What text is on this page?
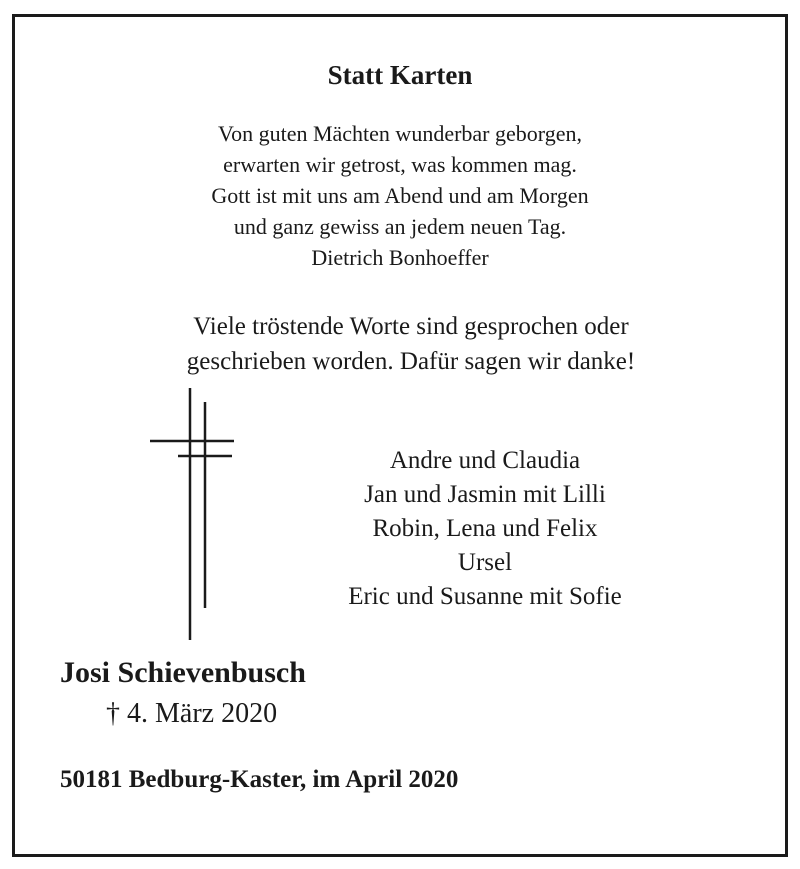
Statt Karten
Von guten Mächten wunderbar geborgen,
erwarten wir getrost, was kommen mag.
Gott ist mit uns am Abend und am Morgen
und ganz gewiss an jedem neuen Tag.
Dietrich Bonhoeffer
Viele tröstende Worte sind gesprochen oder
geschrieben worden. Dafür sagen wir danke!
Andre und Claudia
Jan und Jasmin mit Lilli
Robin, Lena und Felix
Ursel
Eric und Susanne mit Sofie
Josi Schievenbusch
† 4. März 2020
50181 Bedburg-Kaster, im April 2020
